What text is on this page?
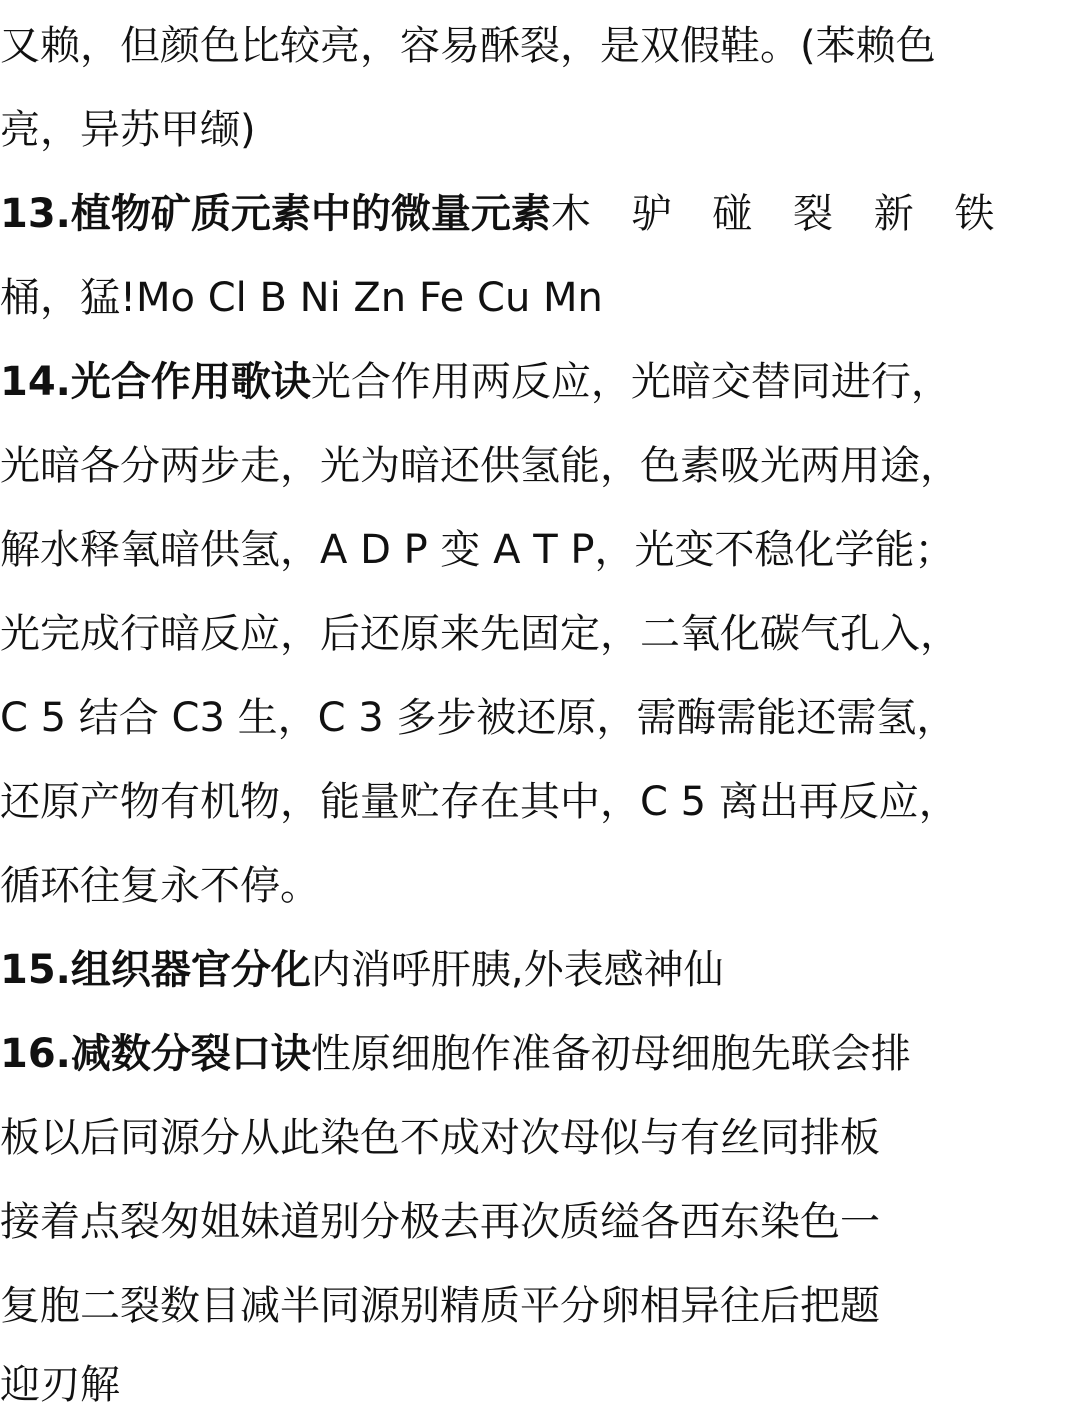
又赖，但颜色比较亮，容易酥裂，是双假鞋。(苯赖色
亮，异苏甲缬)
13.植物矿质元素中的微量元素木 驴 碰 裂 新 铁
桶，猛!Mo Cl B Ni Zn Fe Cu Mn
14.光合作用歌诀光合作用两反应，光暗交替同进行，
光暗各分两步走，光为暗还供氢能，色素吸光两用途，
解水释氧暗供氢，A D P 变 A T P，光变不稳化学能；
光完成行暗反应，后还原来先固定，二氧化碳气孔入，
C 5 结合 C3 生，C 3 多步被还原，需酶需能还需氢，
还原产物有机物，能量贮存在其中，C 5 离出再反应，
循环往复永不停。
15.组织器官分化内消呼肝胰,外表感神仙
16.减数分裂口诀性原细胞作准备初母细胞先联会排
板以后同源分从此染色不成对次母似与有丝同排板
接着点裂匆姐妹道别分极去再次质缢各西东染色一
复胞二裂数目减半同源别精质平分卵相异往后把题
迎刃解
